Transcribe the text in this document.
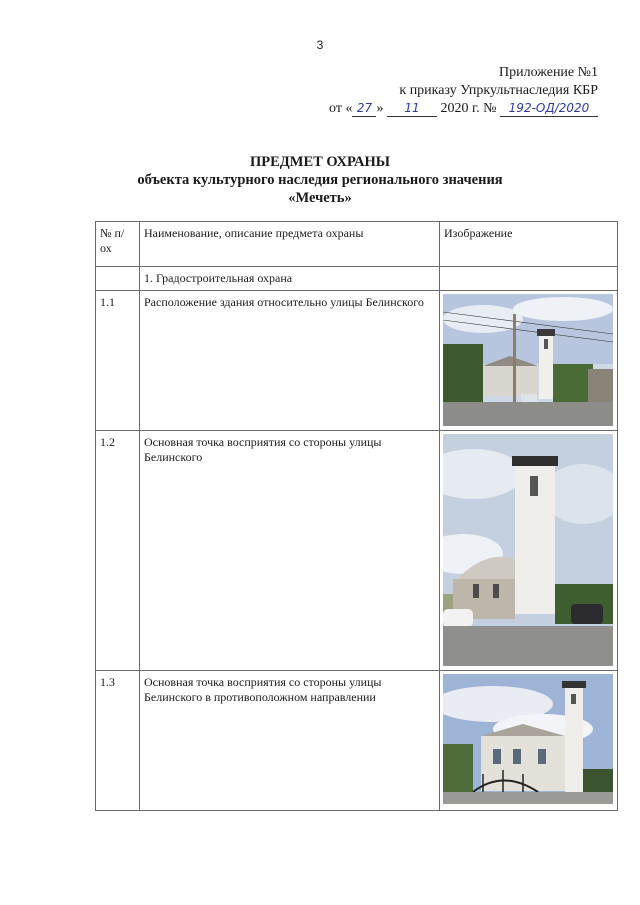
3
Приложение №1
к приказу Упркультнаследия КБР
от « 27 » 11 2020 г. № 192-ОД/2020
ПРЕДМЕТ ОХРАНЫ
объекта культурного наследия регионального значения
«Мечеть»
№ п/ох	Наименование, описание предмета охраны	Изображение
	1. Градостроительная охрана	
1.1	Расположение здания относительно улицы Белинского	

1.2	Основная точка восприятия со стороны улицы Белинского	

1.3	Основная точка восприятия со стороны улицы Белинского в противоположном направлении	
